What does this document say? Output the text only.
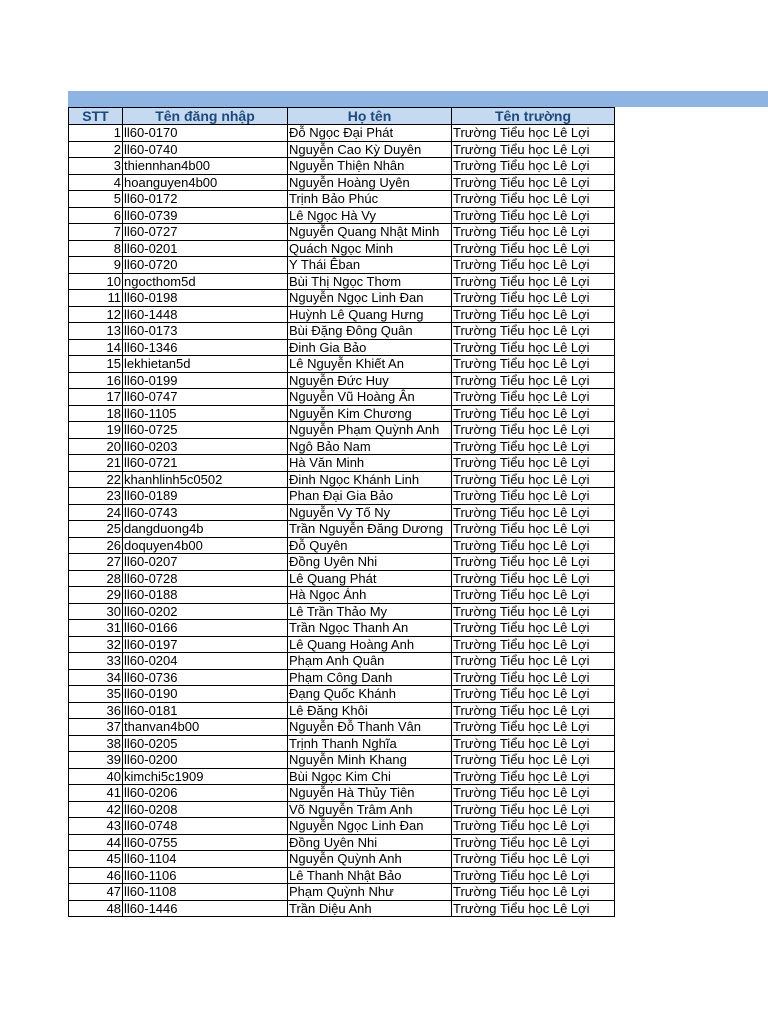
STT	Tên đăng nhập	Họ tên	Tên trường
1	ll60-0170	Đỗ Ngọc Đại Phát	Trường Tiểu học Lê Lợi
2	ll60-0740	Nguyễn Cao Kỳ Duyên	Trường Tiểu học Lê Lợi
3	thiennhan4b00	Nguyễn Thiện Nhân	Trường Tiểu học Lê Lợi
4	hoanguyen4b00	Nguyễn Hoàng Uyên	Trường Tiểu học Lê Lợi
5	ll60-0172	Trịnh Bảo Phúc	Trường Tiểu học Lê Lợi
6	ll60-0739	Lê Ngọc Hà Vy	Trường Tiểu học Lê Lợi
7	ll60-0727	Nguyễn Quang Nhật Minh	Trường Tiểu học Lê Lợi
8	ll60-0201	Quách Ngọc Minh	Trường Tiểu học Lê Lợi
9	ll60-0720	Y Thái Êban	Trường Tiểu học Lê Lợi
10	ngocthom5d	Bùi Thị Ngọc Thơm	Trường Tiểu học Lê Lợi
11	ll60-0198	Nguyễn Ngọc Linh Đan	Trường Tiểu học Lê Lợi
12	ll60-1448	Huỳnh Lê Quang Hưng	Trường Tiểu học Lê Lợi
13	ll60-0173	Bùi Đặng Đông Quân	Trường Tiểu học Lê Lợi
14	ll60-1346	Đinh Gia Bảo	Trường Tiểu học Lê Lợi
15	lekhietan5d	Lê Nguyễn Khiết An	Trường Tiểu học Lê Lợi
16	ll60-0199	Nguyễn Đức Huy	Trường Tiểu học Lê Lợi
17	ll60-0747	Nguyễn Vũ Hoàng Ân	Trường Tiểu học Lê Lợi
18	ll60-1105	Nguyễn Kim Chương	Trường Tiểu học Lê Lợi
19	ll60-0725	Nguyễn Phạm Quỳnh Anh	Trường Tiểu học Lê Lợi
20	ll60-0203	Ngô Bảo Nam	Trường Tiểu học Lê Lợi
21	ll60-0721	Hà Văn Minh	Trường Tiểu học Lê Lợi
22	khanhlinh5c0502	Đinh Ngọc Khánh Linh	Trường Tiểu học Lê Lợi
23	ll60-0189	Phan Đại Gia Bảo	Trường Tiểu học Lê Lợi
24	ll60-0743	Nguyễn Vy Tố Ny	Trường Tiểu học Lê Lợi
25	dangduong4b	Trần Nguyễn Đăng Dương	Trường Tiểu học Lê Lợi
26	doquyen4b00	Đỗ Quyên	Trường Tiểu học Lê Lợi
27	ll60-0207	Đồng Uyên Nhi	Trường Tiểu học Lê Lợi
28	ll60-0728	Lê Quang Phát	Trường Tiểu học Lê Lợi
29	ll60-0188	Hà Ngọc Ánh	Trường Tiểu học Lê Lợi
30	ll60-0202	Lê Trần Thảo My	Trường Tiểu học Lê Lợi
31	ll60-0166	Trần Ngọc Thanh An	Trường Tiểu học Lê Lợi
32	ll60-0197	Lê Quang Hoàng Anh	Trường Tiểu học Lê Lợi
33	ll60-0204	Phạm Anh Quân	Trường Tiểu học Lê Lợi
34	ll60-0736	Phạm Công Danh	Trường Tiểu học Lê Lợi
35	ll60-0190	Đạng Quốc Khánh	Trường Tiểu học Lê Lợi
36	ll60-0181	Lê Đăng Khôi	Trường Tiểu học Lê Lợi
37	thanvan4b00	Nguyễn Đỗ Thanh Vân	Trường Tiểu học Lê Lợi
38	ll60-0205	Trịnh Thanh Nghĩa	Trường Tiểu học Lê Lợi
39	ll60-0200	Nguyễn Minh Khang	Trường Tiểu học Lê Lợi
40	kimchi5c1909	Bùi Ngọc Kim Chi	Trường Tiểu học Lê Lợi
41	ll60-0206	Nguyễn Hà Thủy Tiên	Trường Tiểu học Lê Lợi
42	ll60-0208	Võ Nguyễn Trâm Anh	Trường Tiểu học Lê Lợi
43	ll60-0748	Nguyễn Ngọc Linh Đan	Trường Tiểu học Lê Lợi
44	ll60-0755	Đồng Uyên Nhi	Trường Tiểu học Lê Lợi
45	ll60-1104	Nguyễn Quỳnh Anh	Trường Tiểu học Lê Lợi
46	ll60-1106	Lê Thanh Nhật Bảo	Trường Tiểu học Lê Lợi
47	ll60-1108	Phạm Quỳnh Như	Trường Tiểu học Lê Lợi
48	ll60-1446	Trần Diệu Anh	Trường Tiểu học Lê Lợi
